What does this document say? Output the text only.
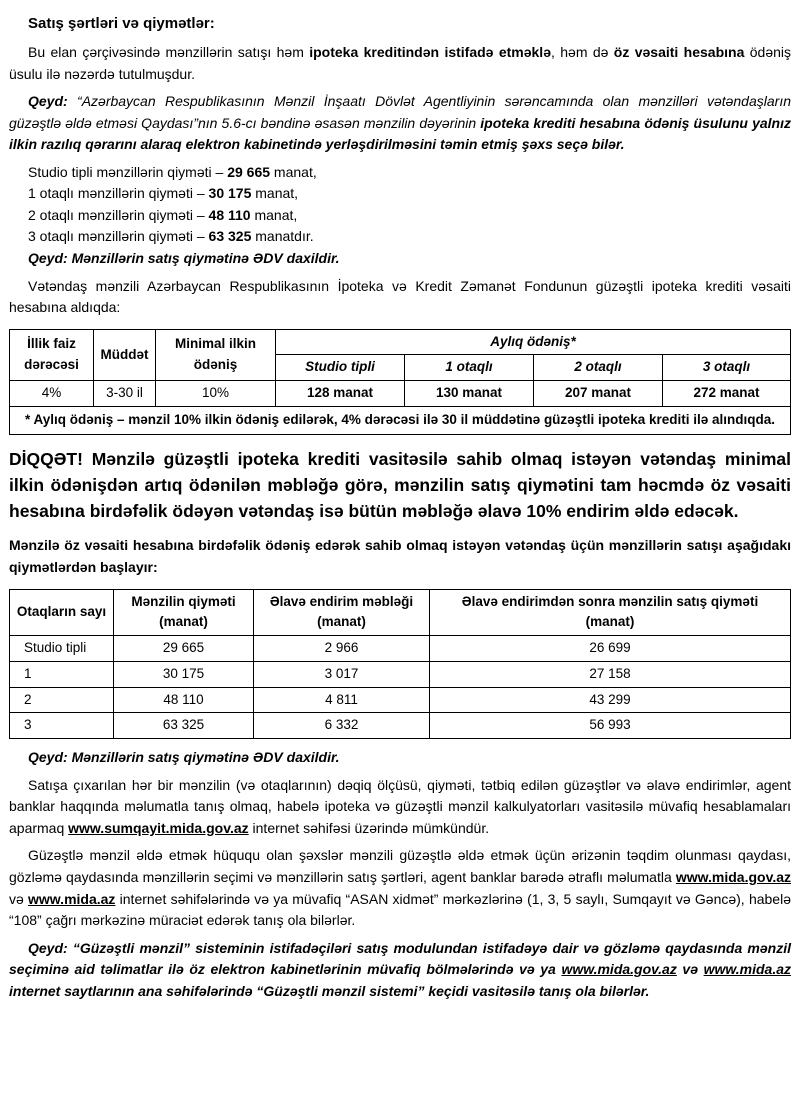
Satış şərtləri və qiymətlər:

Bu elan çərçivəsində mənzillərin satışı həm ipoteka kreditindən istifadə etməklə, həm də öz vəsaiti hesabına ödəniş üsulu ilə nəzərdə tutulmuşdur.

Qeyd: “Azərbaycan Respublikasının Mənzil İnşaatı Dövlət Agentliyinin sərəncamında olan mənzilləri vətəndaşların güzəştlə əldə etməsi Qaydası”nın 5.6-cı bəndinə əsasən mənzilin dəyərinin ipoteka krediti hesabına ödəniş üsulunu yalnız ilkin razılıq qərarını alaraq elektron kabinetində yerləşdirilməsini təmin etmiş şəxs seçə bilər.

Studio tipli mənzillərin qiyməti – 29 665 manat,

1 otaqlı mənzillərin qiyməti – 30 175 manat,

2 otaqlı mənzillərin qiyməti – 48 110 manat,

3 otaqlı mənzillərin qiyməti – 63 325 manatdır.

Qeyd: Mənzillərin satış qiymətinə ƏDV daxildir.

Vətəndaş mənzili Azərbaycan Respublikasının İpoteka və Kredit Zəmanət Fondunun güzəştli ipoteka krediti vəsaiti hesabına aldıqda:

İllik faiz dərəcəsi	Müddət	Minimal ilkin ödəniş	Aylıq ödəniş*			
			Studio tipli	1 otaqlı	2 otaqlı	3 otaqlı
4%	3-30 il	10%	128 manat	130 manat	207 manat	272 manat
* Aylıq ödəniş – mənzil 10% ilkin ödəniş edilərək, 4% dərəcəsi ilə 30 il müddətinə güzəştli ipoteka krediti ilə alındıqda.						

DİQQƏT! Mənzilə güzəştli ipoteka krediti vasitəsilə sahib olmaq istəyən vətəndaş minimal ilkin ödənişdən artıq ödənilən məbləğə görə, mənzilin satış qiymətini tam həcmdə öz vəsaiti hesabına birdəfəlik ödəyən vətəndaş isə bütün məbləğə əlavə 10% endirim əldə edəcək.

Mənzilə öz vəsaiti hesabına birdəfəlik ödəniş edərək sahib olmaq istəyən vətəndaş üçün mənzillərin satışı aşağıdakı qiymətlərdən başlayır:

Otaqların sayı

Mənzilin qiyməti
(manat)

Əlavə endirim məbləği
(manat)

Əlavə endirimdən sonra mənzilin satış qiyməti
(manat)

Studio tipli	29 665	2 966	26 699
1	30 175	3 017	27 158
2	48 110	4 811	43 299
3	63 325	6 332	56 993

Qeyd: Mənzillərin satış qiymətinə ƏDV daxildir.

Satışa çıxarılan hər bir mənzilin (və otaqlarının) dəqiq ölçüsü, qiyməti, tətbiq edilən güzəştlər və əlavə endirimlər, agent banklar haqqında məlumatla tanış olmaq, habelə ipoteka və güzəştli mənzil kalkulyatorları vasitəsilə müvafiq hesablamaları aparmaq www.sumqayit.mida.gov.az internet səhifəsi üzərində mümkündür.

Güzəştlə mənzil əldə etmək hüququ olan şəxslər mənzili güzəştlə əldə etmək üçün ərizənin təqdim olunması qaydası, gözləmə qaydasında mənzillərin seçimi və mənzillərin satış şərtləri, agent banklar barədə ətraflı məlumatla www.mida.gov.az və www.mida.az internet səhifələrində və ya müvafiq “ASAN xidmət” mərkəzlərinə (1, 3, 5 saylı, Sumqayıt və Gəncə), habelə “108” çağrı mərkəzinə müraciət edərək tanış ola bilərlər.

Qeyd: “Güzəştli mənzil” sisteminin istifadəçiləri satış modulundan istifadəyə dair və gözləmə qaydasında mənzil seçiminə aid təlimatlar ilə öz elektron kabinetlərinin müvafiq bölmələrində və ya www.mida.gov.az və www.mida.az internet saytlarının ana səhifələrində “Güzəştli mənzil sistemi” keçidi vasitəsilə tanış ola bilərlər.
